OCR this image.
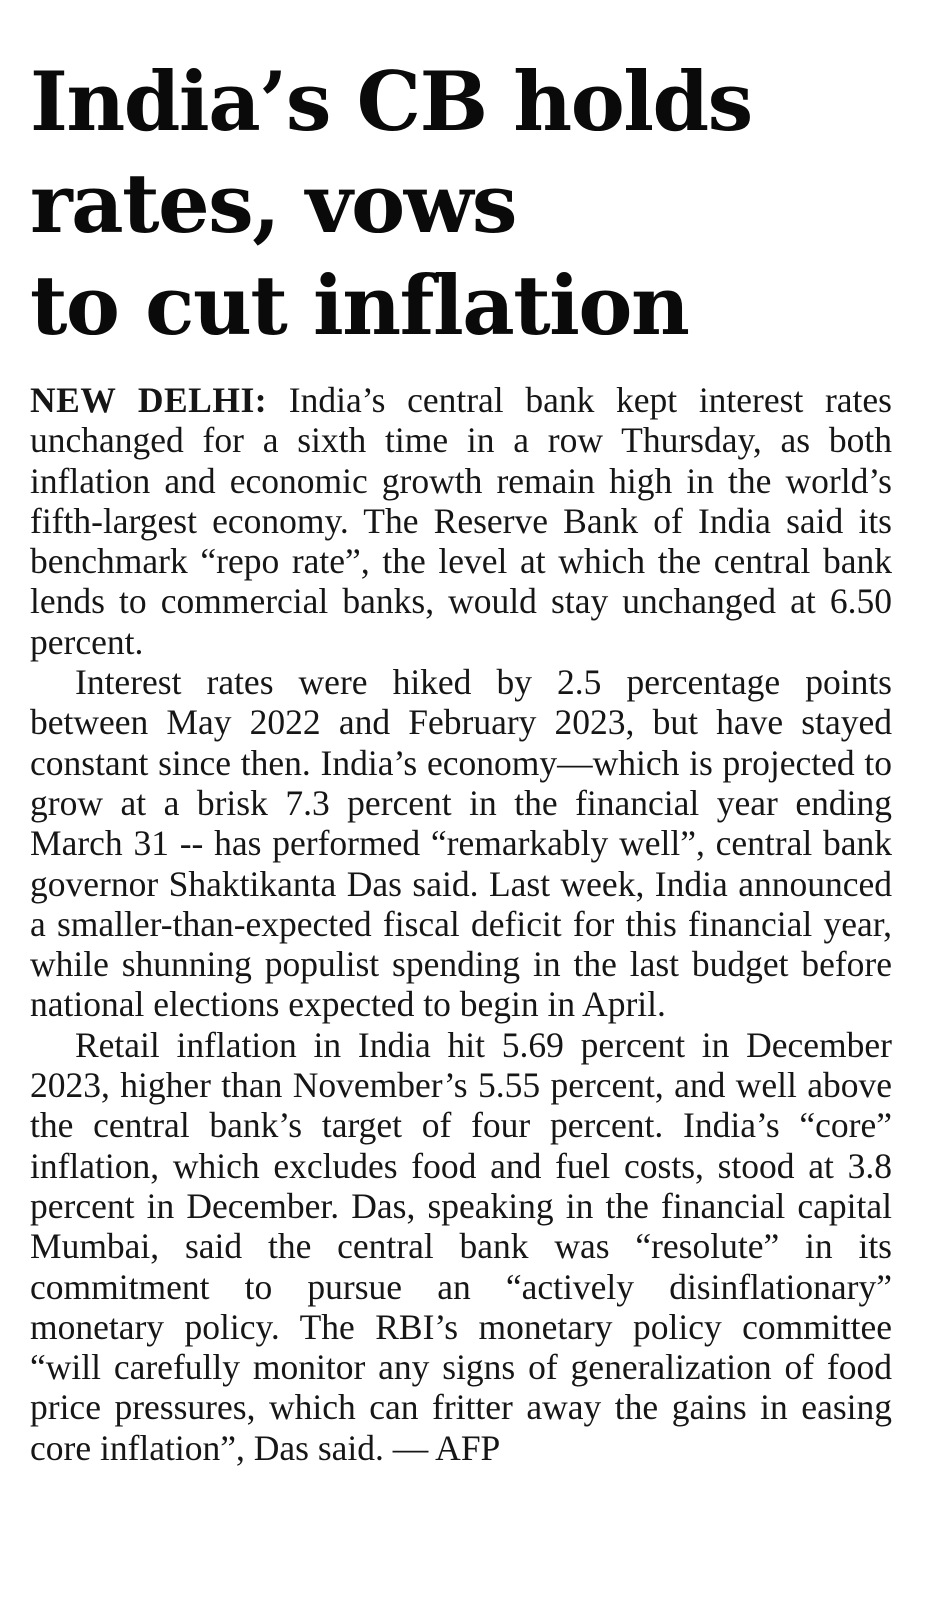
India’s CB holds
rates, vows
to cut inflation

NEW DELHI: India’s central bank kept interest rates unchanged for a sixth time in a row Thursday, as both inflation and economic growth remain high in the world’s fifth-largest economy. The Reserve Bank of India said its benchmark “repo rate”, the level at which the central bank lends to commercial banks, would stay unchanged at 6.50 percent.

Interest rates were hiked by 2.5 percentage points between May 2022 and February 2023, but have stayed constant since then. India’s economy—which is projected to grow at a brisk 7.3 percent in the financial year ending March 31 -- has performed “remarkably well”, central bank governor Shaktikanta Das said. Last week, India announced a smaller-than-expected fiscal deficit for this financial year, while shunning populist spending in the last budget before national elections expected to begin in April.

Retail inflation in India hit 5.69 percent in December 2023, higher than November’s 5.55 percent, and well above the central bank’s target of four percent. India’s “core” inflation, which excludes food and fuel costs, stood at 3.8 percent in December. Das, speaking in the financial capital Mumbai, said the central bank was “resolute” in its commitment to pursue an “actively disinflationary” monetary policy. The RBI’s monetary policy committee “will carefully monitor any signs of generalization of food price pressures, which can fritter away the gains in easing core inflation”, Das said. — AFP
